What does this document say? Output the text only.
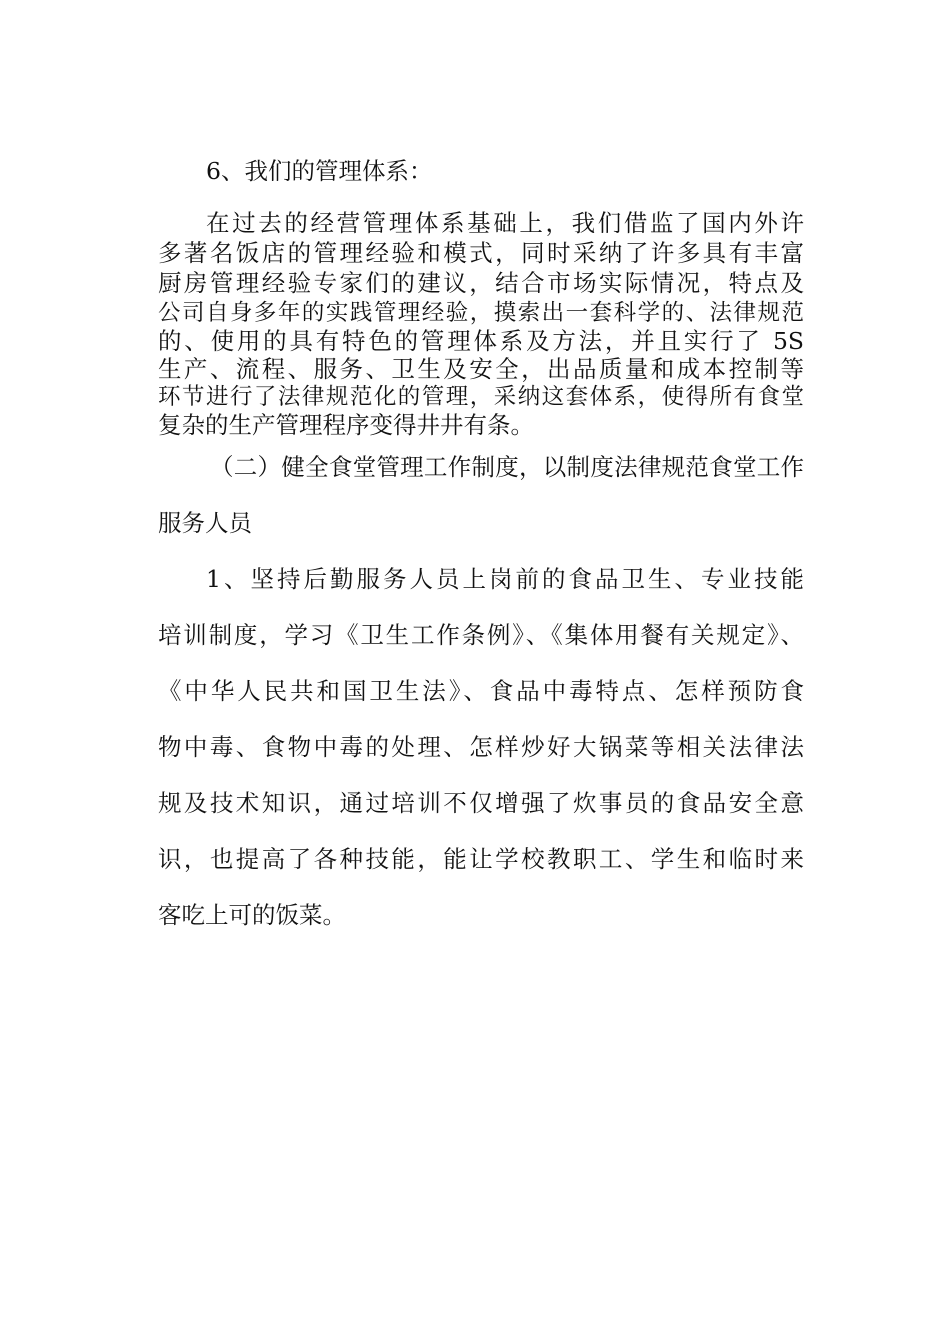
6、我们的管理体系：
在过去的经营管理体系基础上，我们借监了国内外许
多著名饭店的管理经验和模式，同时采纳了许多具有丰富
厨房管理经验专家们的建议，结合市场实际情况，特点及
公司自身多年的实践管理经验，摸索出一套科学的、法律规范
的、使用的具有特色的管理体系及方法，并且实行了 5S
生产、流程、服务、卫生及安全，出品质量和成本控制等
环节进行了法律规范化的管理，采纳这套体系，使得所有食堂
复杂的生产管理程序变得井井有条。
（二）健全食堂管理工作制度，以制度法律规范食堂工作
服务人员
1、坚持后勤服务人员上岗前的食品卫生、专业技能
培训制度，学习《卫生工作条例》、《集体用餐有关规定》、
《中华人民共和国卫生法》、食品中毒特点、怎样预防食
物中毒、食物中毒的处理、怎样炒好大锅菜等相关法律法
规及技术知识，通过培训不仅增强了炊事员的食品安全意
识，也提高了各种技能，能让学校教职工、学生和临时来
客吃上可的饭菜。
